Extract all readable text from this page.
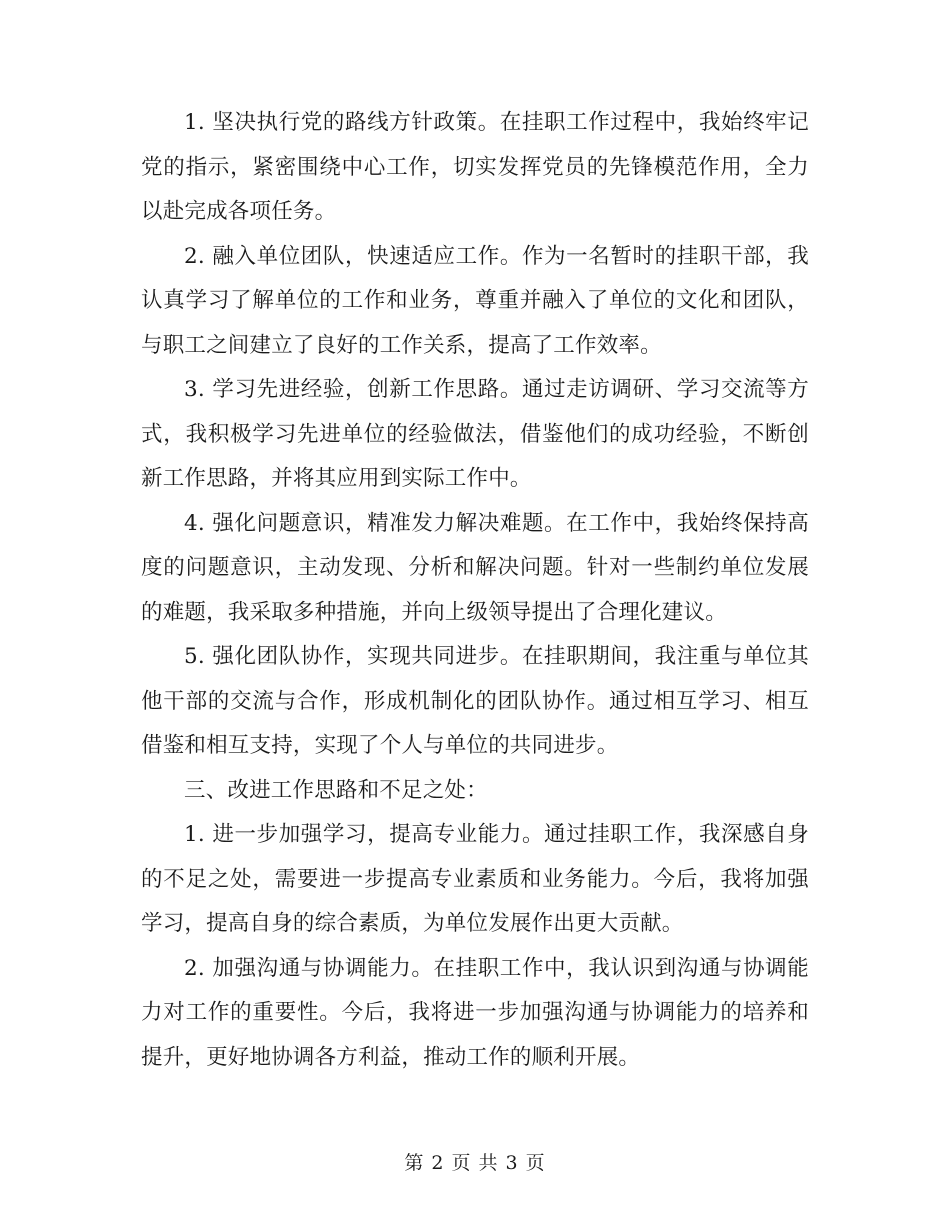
1. 坚决执行党的路线方针政策。在挂职工作过程中，我始终牢记党的指示，紧密围绕中心工作，切实发挥党员的先锋模范作用，全力以赴完成各项任务。

2. 融入单位团队，快速适应工作。作为一名暂时的挂职干部，我认真学习了解单位的工作和业务，尊重并融入了单位的文化和团队，与职工之间建立了良好的工作关系，提高了工作效率。

3. 学习先进经验，创新工作思路。通过走访调研、学习交流等方式，我积极学习先进单位的经验做法，借鉴他们的成功经验，不断创新工作思路，并将其应用到实际工作中。

4. 强化问题意识，精准发力解决难题。在工作中，我始终保持高度的问题意识，主动发现、分析和解决问题。针对一些制约单位发展的难题，我采取多种措施，并向上级领导提出了合理化建议。

5. 强化团队协作，实现共同进步。在挂职期间，我注重与单位其他干部的交流与合作，形成机制化的团队协作。通过相互学习、相互借鉴和相互支持，实现了个人与单位的共同进步。

三、改进工作思路和不足之处：

1. 进一步加强学习，提高专业能力。通过挂职工作，我深感自身的不足之处，需要进一步提高专业素质和业务能力。今后，我将加强学习，提高自身的综合素质，为单位发展作出更大贡献。

2. 加强沟通与协调能力。在挂职工作中，我认识到沟通与协调能力对工作的重要性。今后，我将进一步加强沟通与协调能力的培养和提升，更好地协调各方利益，推动工作的顺利开展。

第 2 页 共 3 页
